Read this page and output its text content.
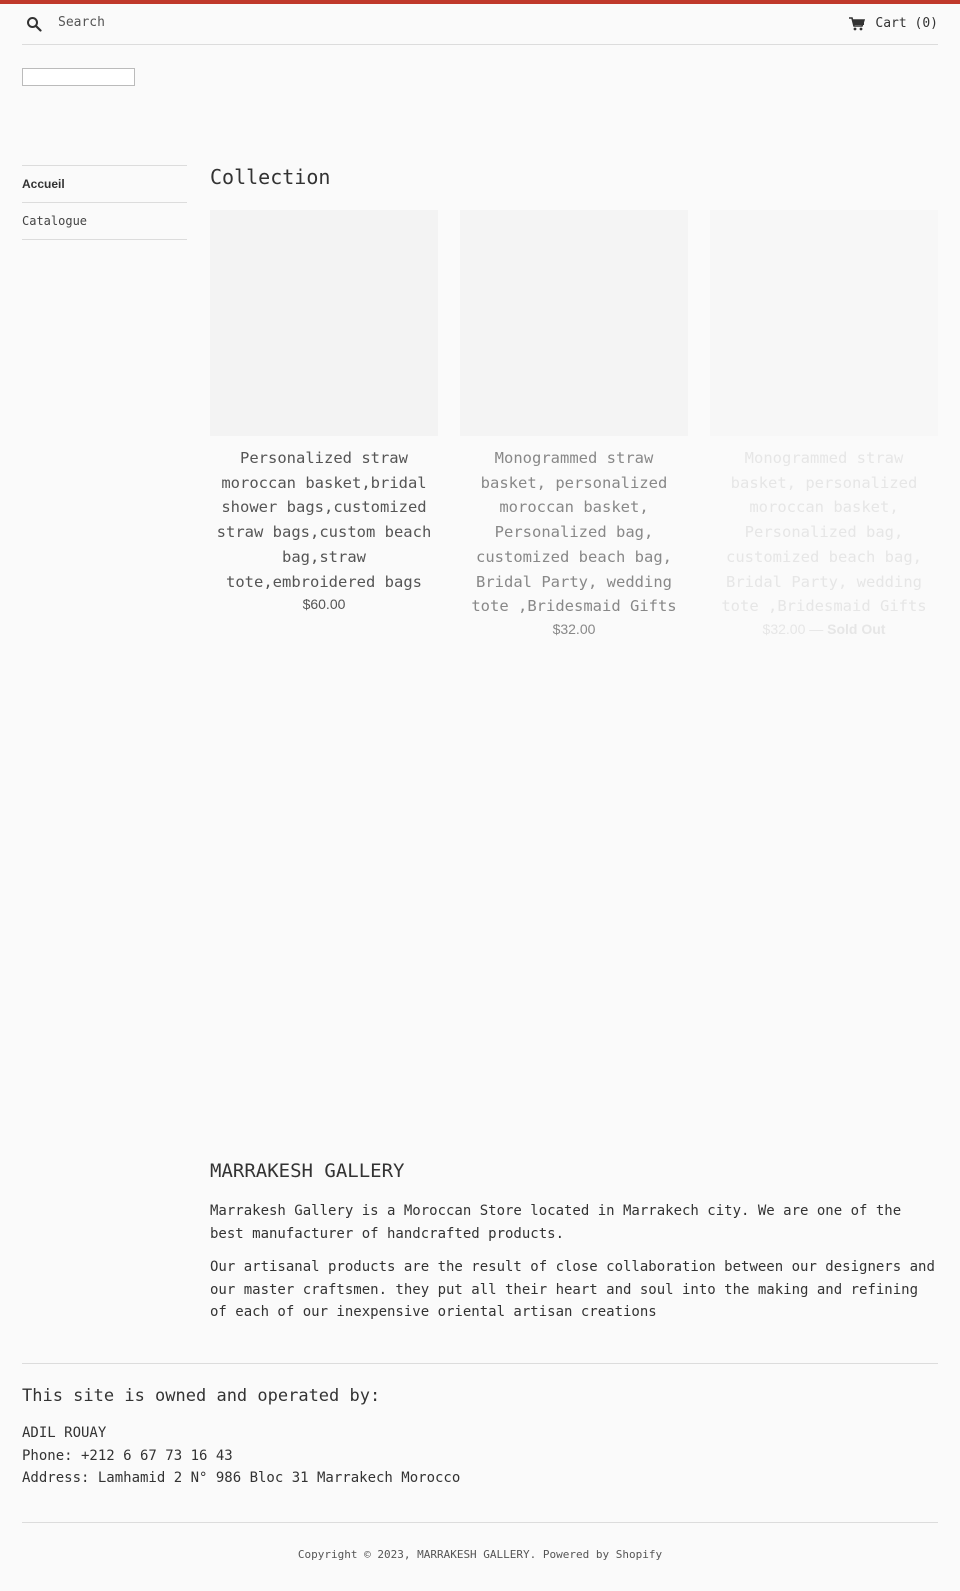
Search
Cart (0)
Accueil
Catalogue
Collection
Personalized straw moroccan basket,bridal shower bags,customized straw bags,custom beach bag,straw tote,embroidered bags
$60.00
Monogrammed straw basket, personalized moroccan basket, Personalized bag, customized beach bag, Bridal Party, wedding tote ,Bridesmaid Gifts
$32.00
Monogrammed straw basket, personalized moroccan basket, Personalized bag, customized beach bag, Bridal Party, wedding tote ,Bridesmaid Gifts
$32.00 — Sold Out
MARRAKESH GALLERY

Marrakesh Gallery is a Moroccan Store located in Marrakech city. We are one of the best manufacturer of handcrafted products.

Our artisanal products are the result of close collaboration between our designers and our master craftsmen. they put all their heart and soul into the making and refining of each of our inexpensive oriental artisan creations

This site is owned and operated by:
ADIL ROUAY
Phone: +212 6 67 73 16 43
Address: Lamhamid 2 N° 986 Bloc 31 Marrakech Morocco
Copyright © 2023, MARRAKESH GALLERY. Powered by Shopify
